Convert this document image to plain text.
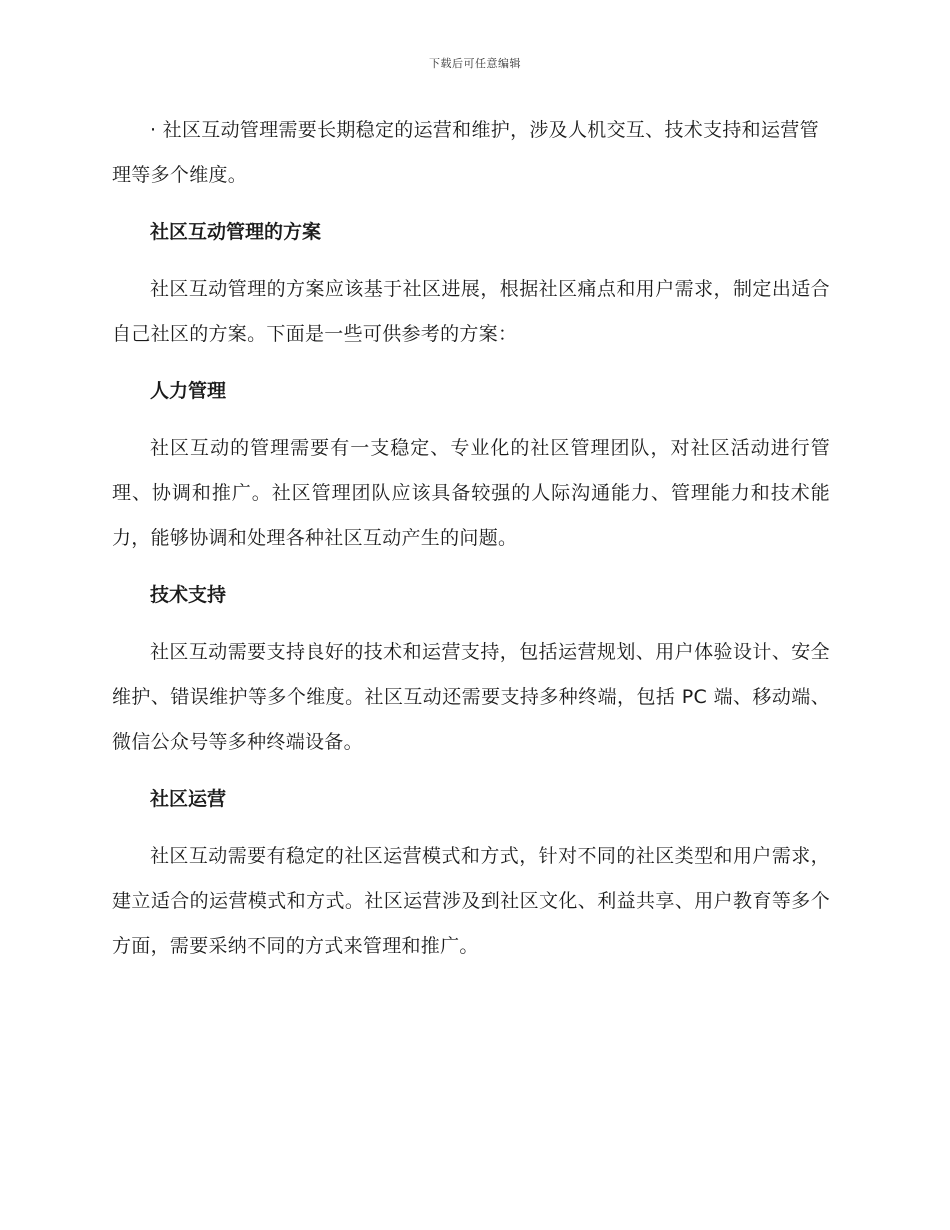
下载后可任意编辑

· 社区互动管理需要长期稳定的运营和维护，涉及人机交互、技术支持和运营管理等多个维度。

社区互动管理的方案

社区互动管理的方案应该基于社区进展，根据社区痛点和用户需求，制定出适合自己社区的方案。下面是一些可供参考的方案：

人力管理

社区互动的管理需要有一支稳定、专业化的社区管理团队，对社区活动进行管理、协调和推广。社区管理团队应该具备较强的人际沟通能力、管理能力和技术能力，能够协调和处理各种社区互动产生的问题。

技术支持

社区互动需要支持良好的技术和运营支持，包括运营规划、用户体验设计、安全维护、错误维护等多个维度。社区互动还需要支持多种终端，包括 PC 端、移动端、微信公众号等多种终端设备。

社区运营

社区互动需要有稳定的社区运营模式和方式，针对不同的社区类型和用户需求，建立适合的运营模式和方式。社区运营涉及到社区文化、利益共享、用户教育等多个方面，需要采纳不同的方式来管理和推广。
